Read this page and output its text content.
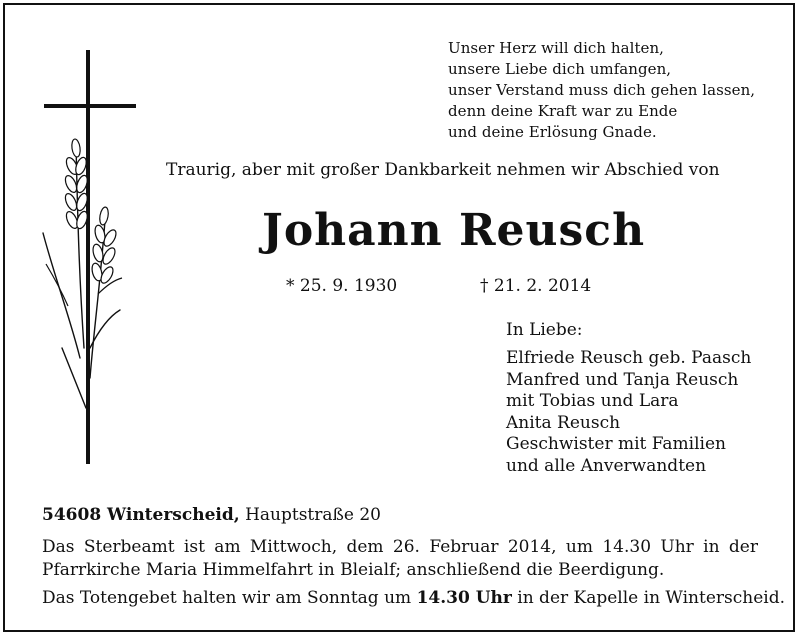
Unser Herz will dich halten,
unsere Liebe dich umfangen,
unser Verstand muss dich gehen lassen,
denn deine Kraft war zu Ende
und deine Erlösung Gnade.
Traurig, aber mit großer Dankbarkeit nehmen wir Abschied von
Johann Reusch
* 25. 9. 1930	† 21. 2. 2014
In Liebe:
Elfriede Reusch geb. Paasch
Manfred und Tanja Reusch
mit Tobias und Lara
Anita Reusch
Geschwister mit Familien
und alle Anverwandten
54608 Winterscheid, Hauptstraße 20
Das Sterbeamt ist am Mittwoch, dem 26. Februar 2014, um 14.30 Uhr in der Pfarrkirche Maria Himmelfahrt in Bleialf; anschließend die Beerdigung.
Das Totengebet halten wir am Sonntag um 14.30 Uhr in der Kapelle in Winterscheid.
